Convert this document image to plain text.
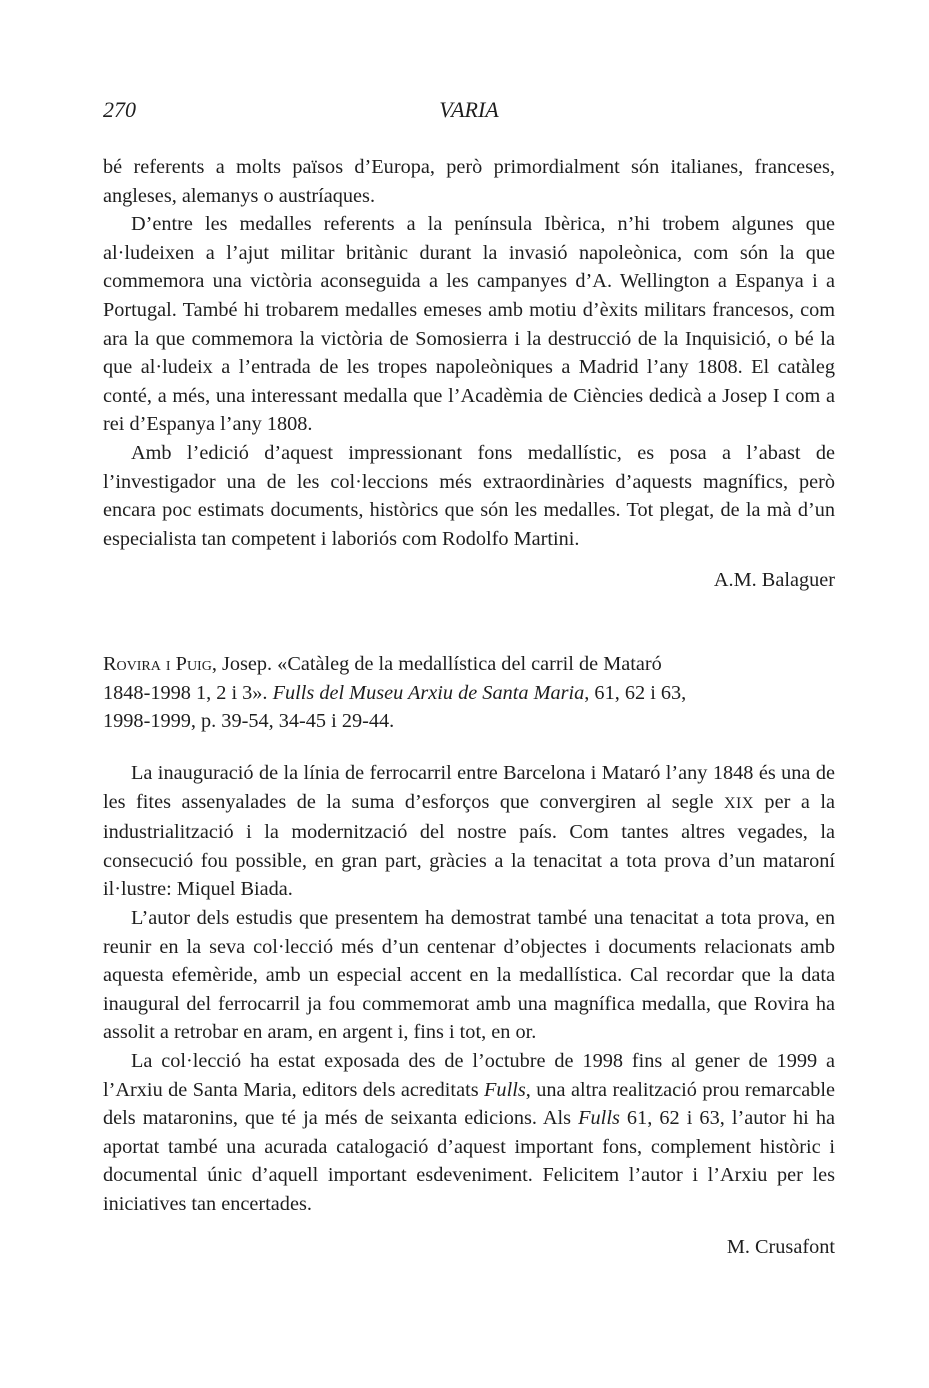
270	VARIA

bé referents a molts països d’Europa, però primordialment són italianes, franceses, angleses, alemanys o austríaques.

D’entre les medalles referents a la península Ibèrica, n’hi trobem algunes que al·ludeixen a l’ajut militar britànic durant la invasió napoleònica, com són la que commemora una victòria aconseguida a les campanyes d’A. Wellington a Espanya i a Portugal. També hi trobarem medalles emeses amb motiu d’èxits militars francesos, com ara la que commemora la victòria de Somosierra i la destrucció de la Inquisició, o bé la que al·ludeix a l’entrada de les tropes napoleòniques a Madrid l’any 1808. El catàleg conté, a més, una interessant medalla que l’Acadèmia de Ciències dedicà a Josep I com a rei d’Espanya l’any 1808.

Amb l’edició d’aquest impressionant fons medallístic, es posa a l’abast de l’investigador una de les col·leccions més extraordinàries d’aquests magnífics, però encara poc estimats documents, històrics que són les medalles. Tot plegat, de la mà d’un especialista tan competent i laboriós com Rodolfo Martini.

A.M. Balaguer
Rovira i Puig, Josep. «Catàleg de la medallística del carril de Mataró
1848-1998 1, 2 i 3». Fulls del Museu Arxiu de Santa Maria, 61, 62 i 63,
1998-1999, p. 39-54, 34-45 i 29-44.

La inauguració de la línia de ferrocarril entre Barcelona i Mataró l’any 1848 és una de les fites assenyalades de la suma d’esforços que convergiren al segle XIX per a la industrialització i la modernització del nostre país. Com tantes altres vegades, la consecució fou possible, en gran part, gràcies a la tenacitat a tota prova d’un mataroní il·lustre: Miquel Biada.

L’autor dels estudis que presentem ha demostrat també una tenacitat a tota prova, en reunir en la seva col·lecció més d’un centenar d’objectes i documents relacionats amb aquesta efemèride, amb un especial accent en la medallística. Cal recordar que la data inaugural del ferrocarril ja fou commemorat amb una magnífica medalla, que Rovira ha assolit a retrobar en aram, en argent i, fins i tot, en or.

La col·lecció ha estat exposada des de l’octubre de 1998 fins al gener de 1999 a l’Arxiu de Santa Maria, editors dels acreditats Fulls, una altra realització prou remarcable dels mataronins, que té ja més de seixanta edicions. Als Fulls 61, 62 i 63, l’autor hi ha aportat també una acurada catalogació d’aquest important fons, complement històric i documental únic d’aquell important esdeveniment. Felicitem l’autor i l’Arxiu per les iniciatives tan encertades.

M. Crusafont
